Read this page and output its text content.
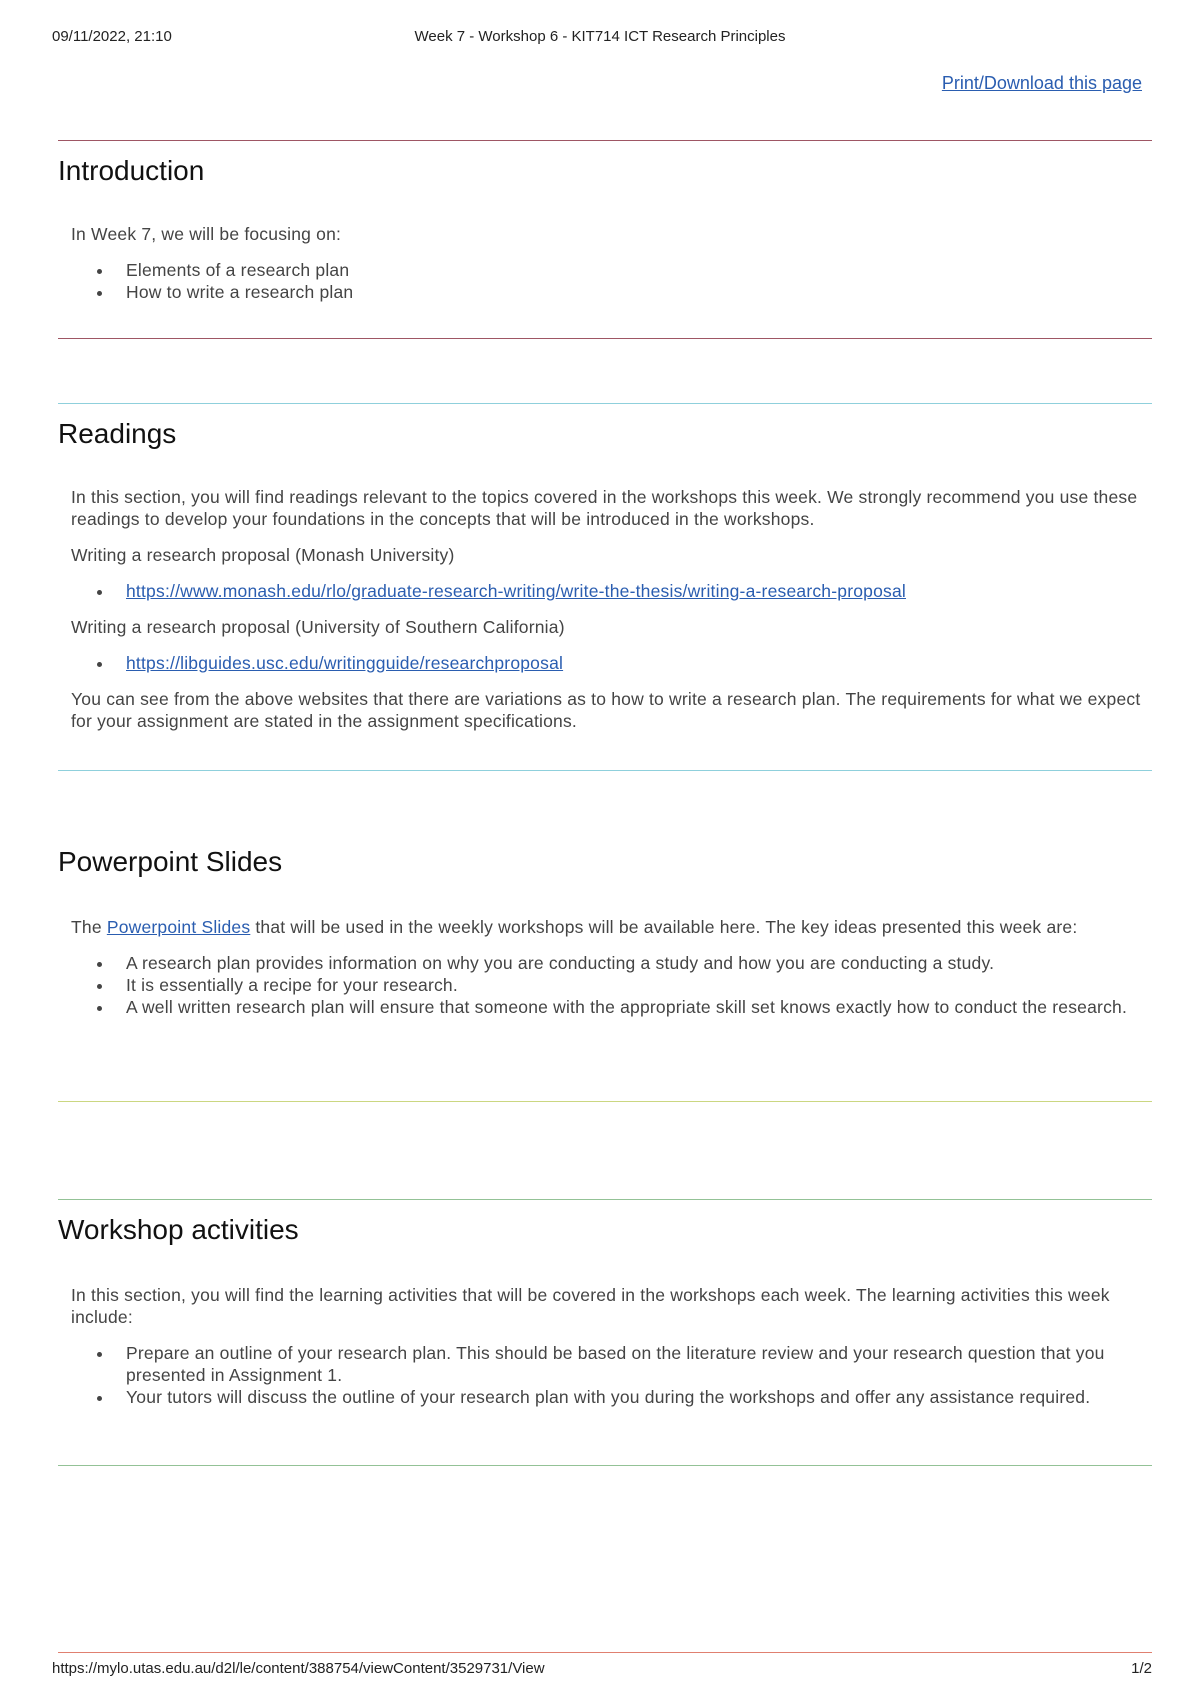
09/11/2022, 21:10	Week 7 - Workshop 6 - KIT714 ICT Research Principles
Print/Download this page
Introduction

In Week 7, we will be focusing on:

• Elements of a research plan
• How to write a research plan
Readings

In this section, you will find readings relevant to the topics covered in the workshops this week. We strongly recommend you use these readings to develop your foundations in the concepts that will be introduced in the workshops.

Writing a research proposal (Monash University)

• https://www.monash.edu/rlo/graduate-research-writing/write-the-thesis/writing-a-research-proposal

Writing a research proposal (University of Southern California)

• https://libguides.usc.edu/writingguide/researchproposal

You can see from the above websites that there are variations as to how to write a research plan. The requirements for what we expect for your assignment are stated in the assignment specifications.

Powerpoint Slides

The Powerpoint Slides that will be used in the weekly workshops will be available here. The key ideas presented this week are:

• A research plan provides information on why you are conducting a study and how you are conducting a study.
• It is essentially a recipe for your research.
• A well written research plan will ensure that someone with the appropriate skill set knows exactly how to conduct the research.
Workshop activities

In this section, you will find the learning activities that will be covered in the workshops each week. The learning activities this week include:

• Prepare an outline of your research plan. This should be based on the literature review and your research question that you presented in Assignment 1.
• Your tutors will discuss the outline of your research plan with you during the workshops and offer any assistance required.
https://mylo.utas.edu.au/d2l/le/content/388754/viewContent/3529731/View	1/2
